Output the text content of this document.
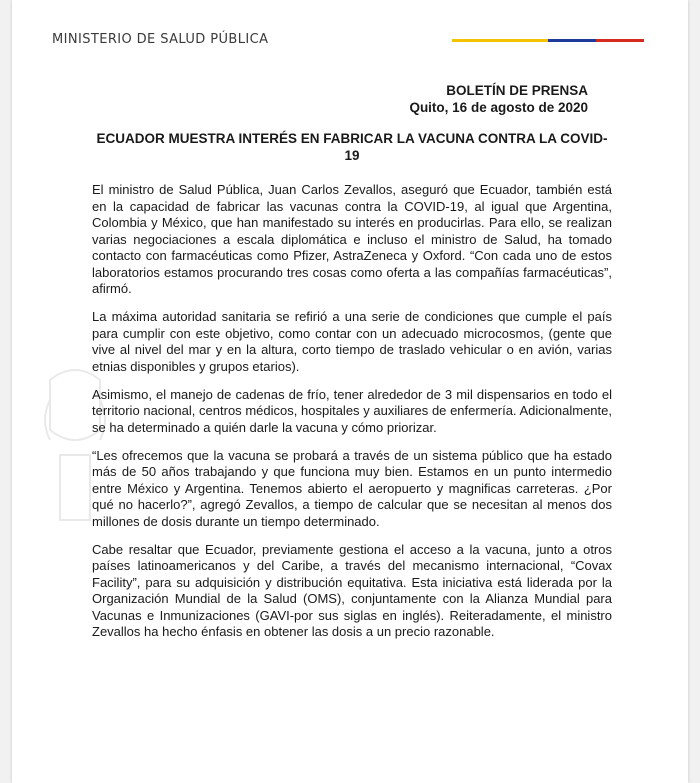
MINISTERIO DE SALUD PÚBLICA
BOLETÍN DE PRENSA
Quito, 16 de agosto de 2020
ECUADOR MUESTRA INTERÉS EN FABRICAR LA VACUNA CONTRA LA COVID-19

El ministro de Salud Pública, Juan Carlos Zevallos, aseguró que Ecuador, también está en la capacidad de fabricar las vacunas contra la COVID-19, al igual que Argentina, Colombia y México, que han manifestado su interés en producirlas. Para ello, se realizan varias negociaciones a escala diplomática e incluso el ministro de Salud, ha tomado contacto con farmacéuticas como Pfizer, AstraZeneca y Oxford. “Con cada uno de estos laboratorios estamos procurando tres cosas como oferta a las compañías farmacéuticas”, afirmó.

La máxima autoridad sanitaria se refirió a una serie de condiciones que cumple el país para cumplir con este objetivo, como contar con un adecuado microcosmos, (gente que vive al nivel del mar y en la altura, corto tiempo de traslado vehicular o en avión, varias etnias disponibles y grupos etarios).

Asimismo, el manejo de cadenas de frío, tener alrededor de 3 mil dispensarios en todo el territorio nacional, centros médicos, hospitales y auxiliares de enfermería. Adicionalmente, se ha determinado a quién darle la vacuna y cómo priorizar.

“Les ofrecemos que la vacuna se probará a través de un sistema público que ha estado más de 50 años trabajando y que funciona muy bien. Estamos en un punto intermedio entre México y Argentina. Tenemos abierto el aeropuerto y magnificas carreteras. ¿Por qué no hacerlo?”, agregó Zevallos, a tiempo de calcular que se necesitan al menos dos millones de dosis durante un tiempo determinado.

Cabe resaltar que Ecuador, previamente gestiona el acceso a la vacuna, junto a otros países latinoamericanos y del Caribe, a través del mecanismo internacional, “Covax Facility”, para su adquisición y distribución equitativa. Esta iniciativa está liderada por la Organización Mundial de la Salud (OMS), conjuntamente con la Alianza Mundial para Vacunas e Inmunizaciones (GAVI-por sus siglas en inglés). Reiteradamente, el ministro Zevallos ha hecho énfasis en obtener las dosis a un precio razonable.
